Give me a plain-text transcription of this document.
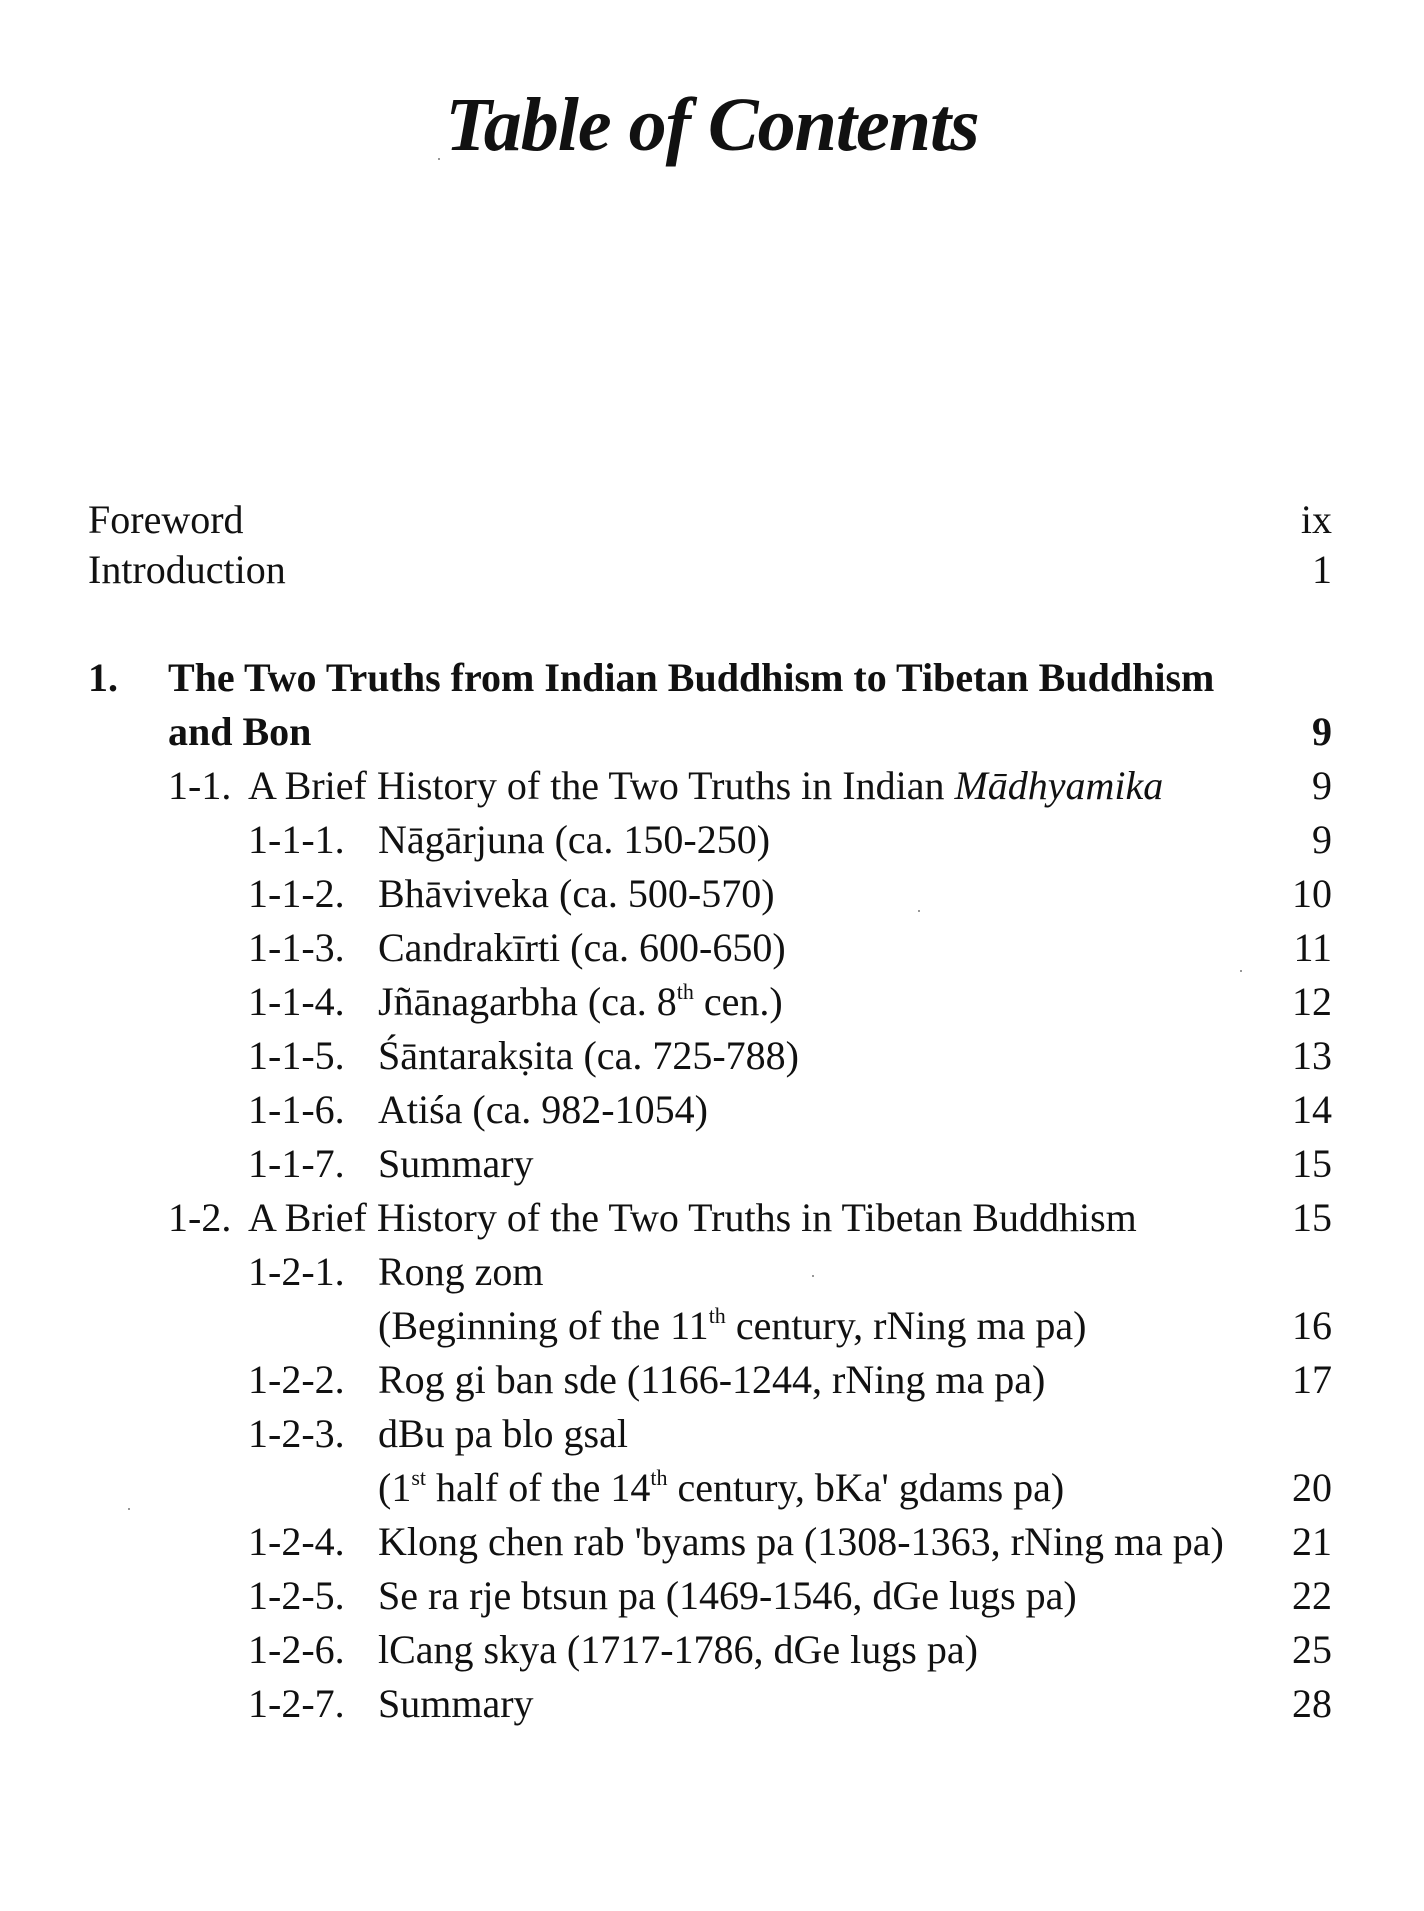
Table of Contents
Foreword	ix
Introduction	1
1. The Two Truths from Indian Buddhism to Tibetan Buddhism
and Bon	9
1-1. A Brief History of the Two Truths in Indian Mādhyamika	9
1-1-1. Nāgārjuna (ca. 150-250)	9
1-1-2. Bhāviveka (ca. 500-570)	10
1-1-3. Candrakīrti (ca. 600-650)	11
1-1-4. Jñānagarbha (ca. 8th cen.)	12
1-1-5. Śāntarakṣita (ca. 725-788)	13
1-1-6. Atiśa (ca. 982-1054)	14
1-1-7. Summary	15
1-2. A Brief History of the Two Truths in Tibetan Buddhism	15
1-2-1. Rong zom
(Beginning of the 11th century, rNing ma pa)	16
1-2-2. Rog gi ban sde (1166-1244, rNing ma pa)	17
1-2-3. dBu pa blo gsal
(1st half of the 14th century, bKa' gdams pa)	20
1-2-4. Klong chen rab 'byams pa (1308-1363, rNing ma pa) 21
1-2-5. Se ra rje btsun pa (1469-1546, dGe lugs pa)	22
1-2-6. lCang skya (1717-1786, dGe lugs pa)	25
1-2-7. Summary	28
